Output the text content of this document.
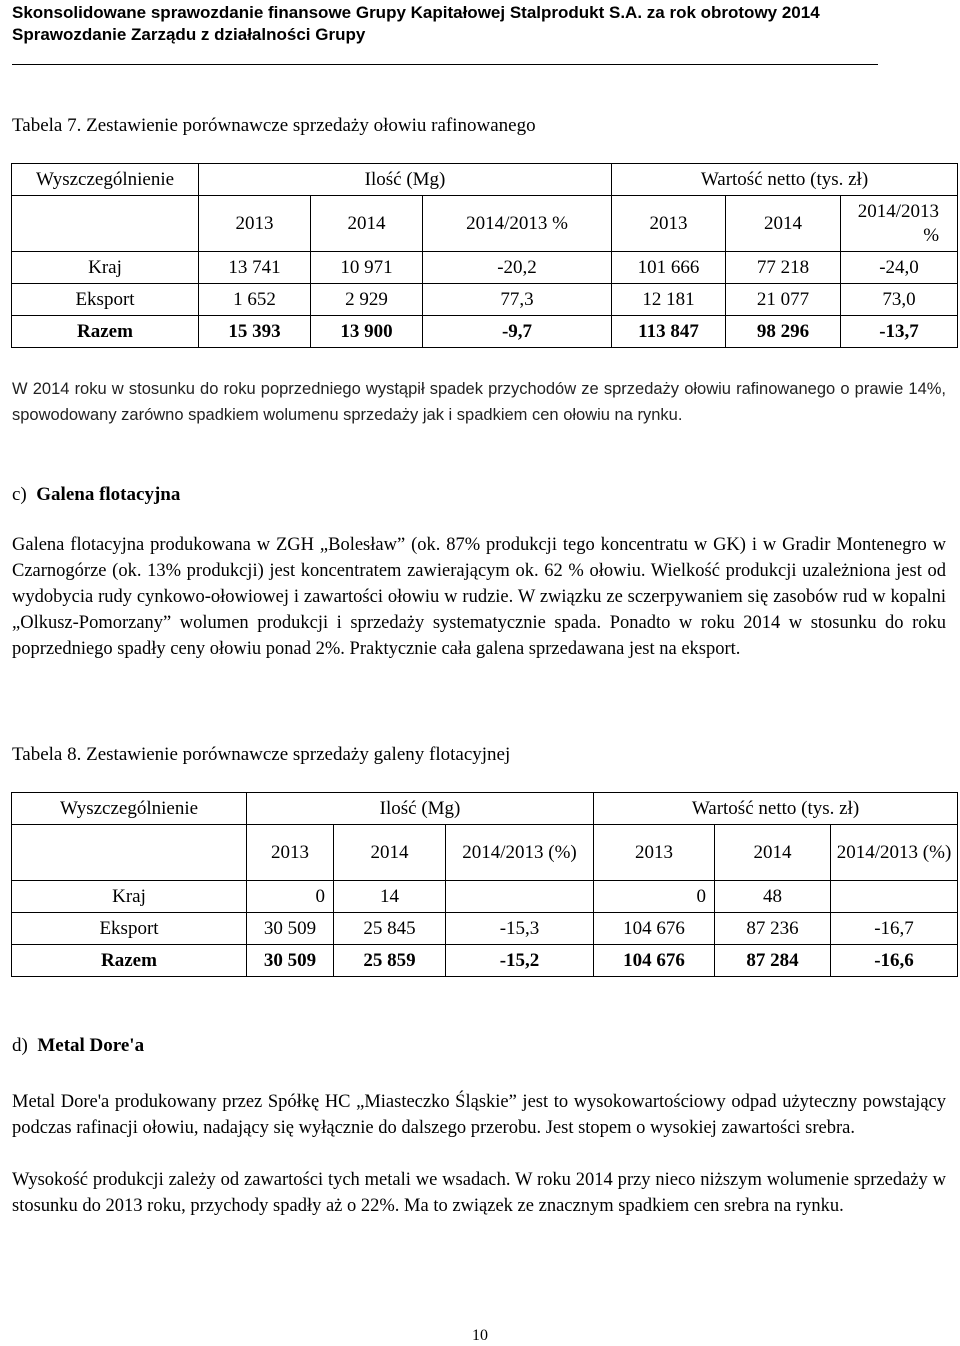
Skonsolidowane sprawozdanie finansowe Grupy Kapitałowej Stalprodukt S.A. za rok obrotowy 2014
Sprawozdanie Zarządu z działalności Grupy
Tabela 7. Zestawienie porównawcze sprzedaży ołowiu rafinowanego
Wyszczególnienie	Ilość (Mg)			Wartość netto (tys. zł)		
	2013	2014	2014/2013 %	2013	2014	2014/2013 %
Kraj	13 741	10 971	-20,2	101 666	77 218	-24,0
Eksport	1 652	2 929	77,3	12 181	21 077	73,0
Razem	15 393	13 900	-9,7	113 847	98 296	-13,7

W 2014 roku w stosunku do roku poprzedniego wystąpił spadek przychodów ze sprzedaży ołowiu rafinowanego o prawie 14%, spowodowany zarówno spadkiem wolumenu sprzedaży jak i spadkiem cen ołowiu na rynku.

c) Galena flotacyjna

Galena flotacyjna produkowana w ZGH „Bolesław” (ok. 87% produkcji tego koncentratu w GK) i w Gradir Montenegro w Czarnogórze (ok. 13% produkcji) jest koncentratem zawierającym ok. 62 % ołowiu. Wielkość produkcji uzależniona jest od wydobycia rudy cynkowo-ołowiowej i zawartości ołowiu w rudzie. W związku ze sczerpywaniem się zasobów rud w kopalni „Olkusz-Pomorzany” wolumen produkcji i sprzedaży systematycznie spada. Ponadto w roku 2014 w stosunku do roku poprzedniego spadły ceny ołowiu ponad 2%. Praktycznie cała galena sprzedawana jest na eksport.

Tabela 8. Zestawienie porównawcze sprzedaży galeny flotacyjnej
Wyszczególnienie	Ilość (Mg)			Wartość netto (tys. zł)		
	2013	2014	2014/2013 (%)	2013	2014	2014/2013 (%)
Kraj	0	14		0	48	
Eksport	30 509	25 845	-15,3	104 676	87 236	-16,7
Razem	30 509	25 859	-15,2	104 676	87 284	-16,6
d) Metal Dore'a

Metal Dore'a produkowany przez Spółkę HC „Miasteczko Śląskie” jest to wysokowartościowy odpad użyteczny powstający podczas rafinacji ołowiu, nadający się wyłącznie do dalszego przerobu. Jest stopem o wysokiej zawartości srebra.

Wysokość produkcji zależy od zawartości tych metali we wsadach. W roku 2014 przy nieco niższym wolumenie sprzedaży w stosunku do 2013 roku, przychody spadły aż o 22%. Ma to związek ze znacznym spadkiem cen srebra na rynku.

10
